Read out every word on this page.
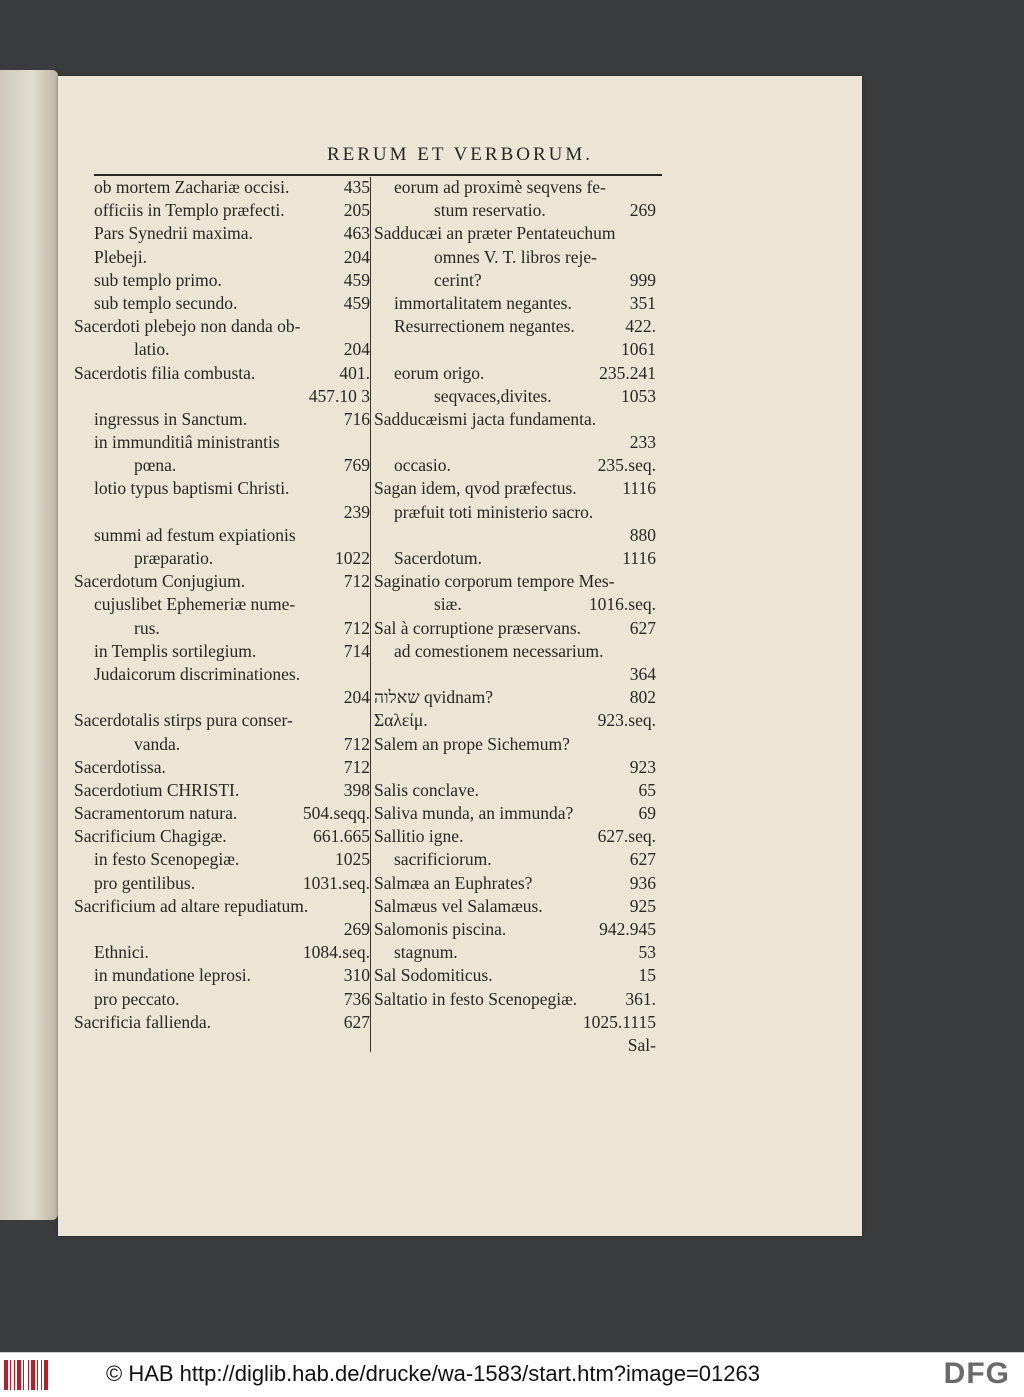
RERUM ET VERBORUM.
ob mortem Zachariæ occisi.	435
officiis in Templo præfecti.	205
Pars Synedrii maxima.	463
Plebeji.	204
sub templo primo.	459
sub templo secundo.	459
Sacerdoti plebejo non danda ob-
latio.	204
Sacerdotis filia combusta.	401.
457.10 3
ingressus in Sanctum.	716
in immunditiâ ministrantis
pœna.	769
lotio typus baptismi Christi.
239
summi ad festum expiationis
præparatio.	1022
Sacerdotum Conjugium.	712
cujuslibet Ephemeriæ nume-
rus.	712
in Templis sortilegium.	714
Judaicorum discriminationes.
204
Sacerdotalis stirps pura conser-
vanda.	712
Sacerdotissa.	712
Sacerdotium CHRISTI.	398
Sacramentorum natura.	504.seqq.
Sacrificium Chagigæ.	661.665
in festo Scenopegiæ.	1025
pro gentilibus.	1031.seq.
Sacrificium ad altare repudiatum.
269
Ethnici.	1084.seq.
in mundatione leprosi.	310
pro peccato.	736
Sacrificia fallienda.	627
eorum ad proximè seqvens fe-
stum reservatio.	269
Sadducæi an præter Pentateuchum
omnes V. T. libros reje-
cerint?	999
immortalitatem negantes.	351
Resurrectionem negantes.	422.
1061
eorum origo.	235.241
seqvaces,divites.	1053
Sadducæismi jacta fundamenta.
233
occasio.	235.seq.
Sagan idem, qvod præfectus.	1116
præfuit toti ministerio sacro.
880
Sacerdotum.	1116
Saginatio corporum tempore Mes-
siæ.	1016.seq.
Sal à corruptione præservans.	627
ad comestionem necessarium.
364
שאלוה qvidnam?	802
Σαλείμ.	923.seq.
Salem an prope Sichemum?
923
Salis conclave.	65
Saliva munda, an immunda?	69
Sallitio igne.	627.seq.
sacrificiorum.	627
Salmæa an Euphrates?	936
Salmæus vel Salamæus.	925
Salomonis piscina.	942.945
stagnum.	53
Sal Sodomiticus.	15
Saltatio in festo Scenopegiæ.	361.
1025.1115
Sal-
© HAB http://diglib.hab.de/drucke/wa-1583/start.htm?image=01263	DFG
